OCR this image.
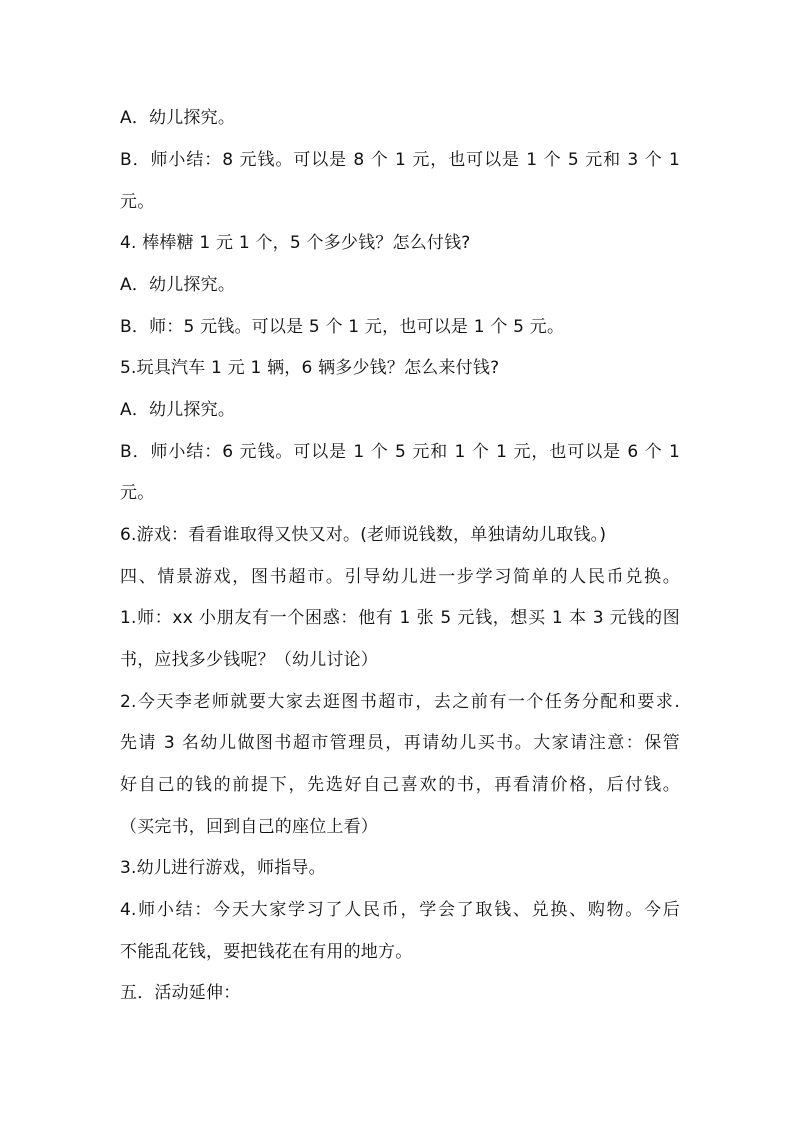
A．幼儿探究。
B．师小结：8 元钱。可以是 8 个 1 元，也可以是 1 个 5 元和 3 个 1
元。
4. 棒棒糖 1 元 1 个，5 个多少钱？怎么付钱?
A．幼儿探究。
B．师：5 元钱。可以是 5 个 1 元，也可以是 1 个 5 元。
5.玩具汽车 1 元 1 辆，6 辆多少钱？怎么来付钱?
A．幼儿探究。
B．师小结：6 元钱。可以是 1 个 5 元和 1 个 1 元，也可以是 6 个 1
元。
6.游戏：看看谁取得又快又对。(老师说钱数，单独请幼儿取钱。)
四、情景游戏，图书超市。引导幼儿进一步学习简单的人民币兑换。
1.师：xx 小朋友有一个困惑：他有 1 张 5 元钱，想买 1 本 3 元钱的图
书，应找多少钱呢？（幼儿讨论）
2.今天李老师就要大家去逛图书超市，去之前有一个任务分配和要求.
先请 3 名幼儿做图书超市管理员，再请幼儿买书。大家请注意：保管
好自己的钱的前提下，先选好自己喜欢的书，再看清价格，后付钱。
（买完书，回到自己的座位上看）
3.幼儿进行游戏，师指导。
4.师小结：今天大家学习了人民币，学会了取钱、兑换、购物。今后
不能乱花钱，要把钱花在有用的地方。
五．活动延伸：
